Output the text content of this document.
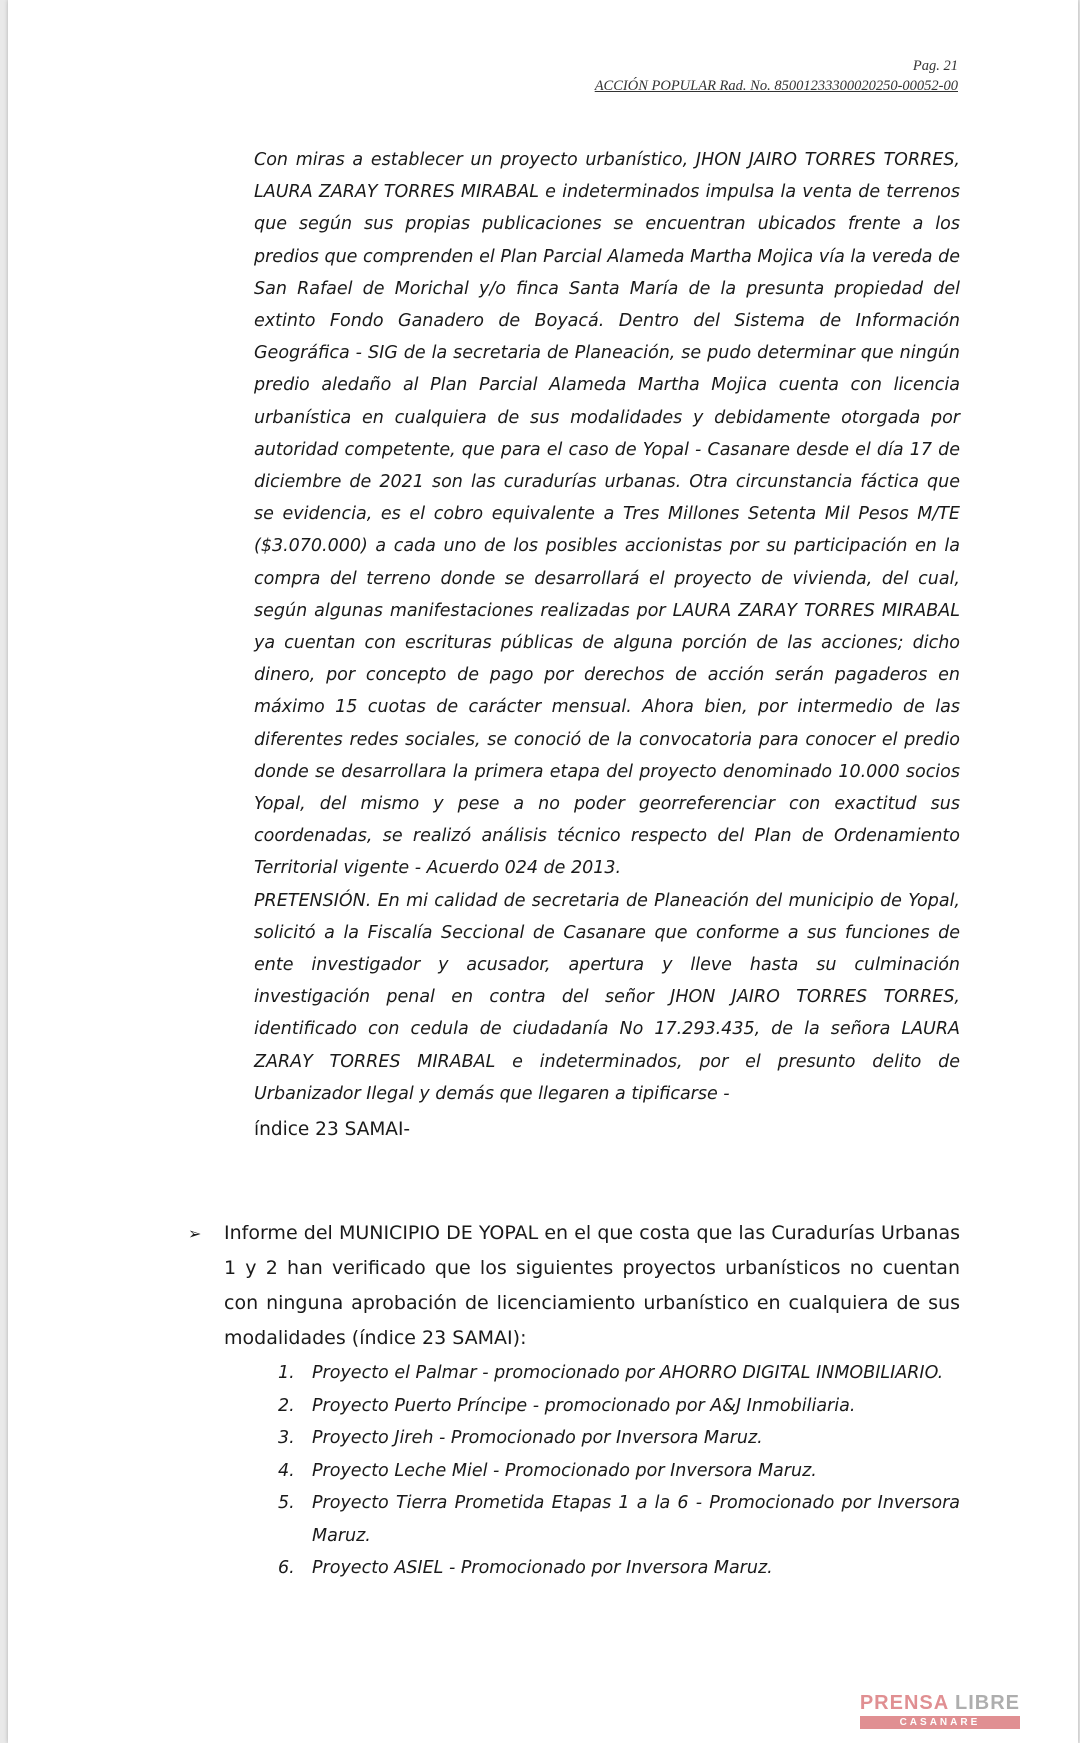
Pag. 21
ACCIÓN POPULAR Rad. No. 85001233300020250-00052-00

Con miras a establecer un proyecto urbanístico, JHON JAIRO TORRES TORRES, LAURA ZARAY TORRES MIRABAL e indeterminados impulsa la venta de terrenos que según sus propias publicaciones se encuentran ubicados frente a los predios que comprenden el Plan Parcial Alameda Martha Mojica vía la vereda de San Rafael de Morichal y/o finca Santa María de la presunta propiedad del extinto Fondo Ganadero de Boyacá. Dentro del Sistema de Información Geográfica - SIG de la secretaria de Planeación, se pudo determinar que ningún predio aledaño al Plan Parcial Alameda Martha Mojica cuenta con licencia urbanística en cualquiera de sus modalidades y debidamente otorgada por autoridad competente, que para el caso de Yopal - Casanare desde el día 17 de diciembre de 2021 son las curadurías urbanas. Otra circunstancia fáctica que se evidencia, es el cobro equivalente a Tres Millones Setenta Mil Pesos M/TE ($3.070.000) a cada uno de los posibles accionistas por su participación en la compra del terreno donde se desarrollará el proyecto de vivienda, del cual, según algunas manifestaciones realizadas por LAURA ZARAY TORRES MIRABAL ya cuentan con escrituras públicas de alguna porción de las acciones; dicho dinero, por concepto de pago por derechos de acción serán pagaderos en máximo 15 cuotas de carácter mensual. Ahora bien, por intermedio de las diferentes redes sociales, se conoció de la convocatoria para conocer el predio donde se desarrollara la primera etapa del proyecto denominado 10.000 socios Yopal, del mismo y pese a no poder georreferenciar con exactitud sus coordenadas, se realizó análisis técnico respecto del Plan de Ordenamiento Territorial vigente - Acuerdo 024 de 2013.

PRETENSIÓN. En mi calidad de secretaria de Planeación del municipio de Yopal, solicitó a la Fiscalía Seccional de Casanare que conforme a sus funciones de ente investigador y acusador, apertura y lleve hasta su culminación investigación penal en contra del señor JHON JAIRO TORRES TORRES, identificado con cedula de ciudadanía No 17.293.435, de la señora LAURA ZARAY TORRES MIRABAL e indeterminados, por el presunto delito de Urbanizador Ilegal y demás que llegaren a tipificarse -

índice 23 SAMAI-

➢	Informe del MUNICIPIO DE YOPAL en el que costa que las Curadurías Urbanas 1 y 2 han verificado que los siguientes proyectos urbanísticos no cuentan con ninguna aprobación de licenciamiento urbanístico en cualquiera de sus modalidades (índice 23 SAMAI):
1. Proyecto el Palmar - promocionado por AHORRO DIGITAL INMOBILIARIO.
2. Proyecto Puerto Príncipe - promocionado por A&J Inmobiliaria.
3. Proyecto Jireh - Promocionado por Inversora Maruz.
4. Proyecto Leche Miel - Promocionado por Inversora Maruz.
5. Proyecto Tierra Prometida Etapas 1 a la 6 - Promocionado por Inversora Maruz.
6. Proyecto ASIEL - Promocionado por Inversora Maruz.
PRENSA LIBRE
CASANARE
